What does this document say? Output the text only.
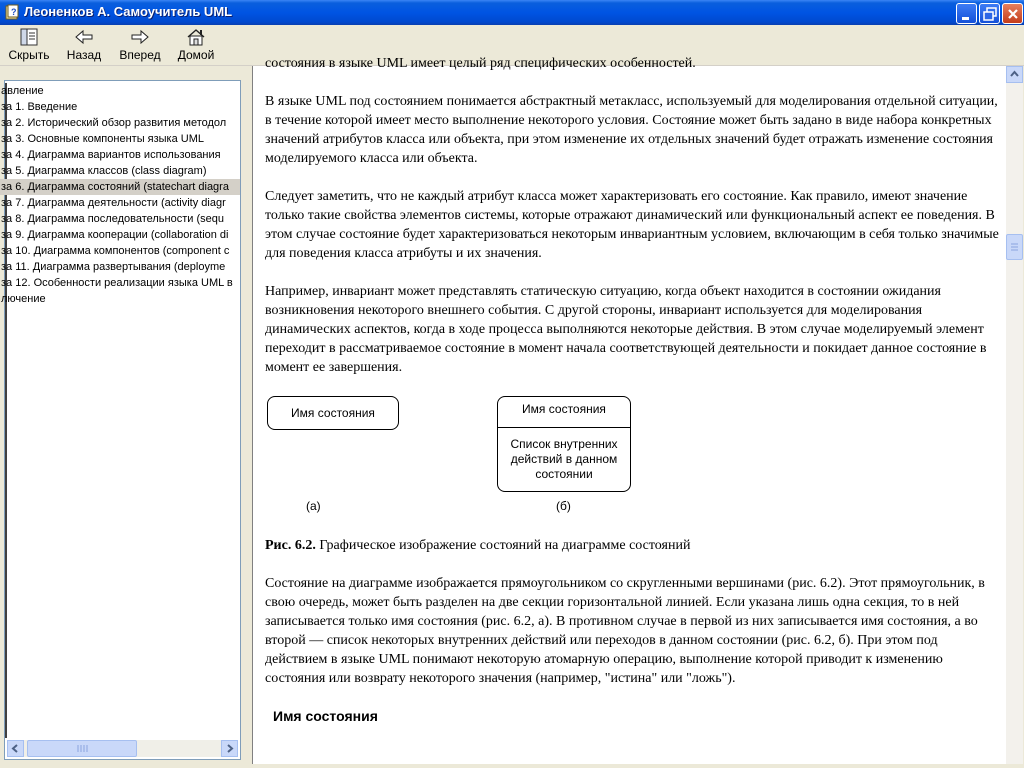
? Леоненков А. Самоучитель UML
Скрыть Назад Вперед Домой
авление
за 1. Введение
за 2. Исторический обзор развития методол
за 3. Основные компоненты языка UML
за 4. Диаграмма вариантов использования
за 5. Диаграмма классов (class diagram)
за 6. Диаграмма состояний (statechart diagra
за 7. Диаграмма деятельности (activity diagr
за 8. Диаграмма последовательности (sequ
за 9. Диаграмма кооперации (collaboration di
за 10. Диаграмма компонентов (component c
за 11. Диаграмма развертывания (deployme
за 12. Особенности реализации языка UML в
лючение

состояния в языке UML имеет целый ряд специфических особенностей.

В языке UML под состоянием понимается абстрактный метакласс, используемый для моделирования отдельной ситуации, в течение которой имеет место выполнение некоторого условия. Состояние может быть задано в виде набора конкретных значений атрибутов класса или объекта, при этом изменение их отдельных значений будет отражать изменение состояния моделируемого класса или объекта.

Следует заметить, что не каждый атрибут класса может характеризовать его состояние. Как правило, имеют значение только такие свойства элементов системы, которые отражают динамический или функциональный аспект ее поведения. В этом случае состояние будет характеризоваться некоторым инвариантным условием, включающим в себя только значимые для поведения класса атрибуты и их значения.

Например, инвариант может представлять статическую ситуацию, когда объект находится в состоянии ожидания возникновения некоторого внешнего события. С другой стороны, инвариант используется для моделирования динамических аспектов, когда в ходе процесса выполняются некоторые действия. В этом случае моделируемый элемент переходит в рассматриваемое состояние в момент начала соответствующей деятельности и покидает данное состояние в момент ее завершения.

Имя состояния	Имя состояния
Список внутренних действий в данном состоянии
(а)	(б)

Рис. 6.2. Графическое изображение состояний на диаграмме состояний

Состояние на диаграмме изображается прямоугольником со скругленными вершинами (рис. 6.2). Этот прямоугольник, в свою очередь, может быть разделен на две секции горизонтальной линией. Если указана лишь одна секция, то в ней записывается только имя состояния (рис. 6.2, а). В противном случае в первой из них записывается имя состояния, а во второй — список некоторых внутренних действий или переходов в данном состоянии (рис. 6.2, б). При этом под действием в языке UML понимают некоторую атомарную операцию, выполнение которой приводит к изменению состояния или возврату некоторого значения (например, "истина" или "ложь").

Имя состояния
